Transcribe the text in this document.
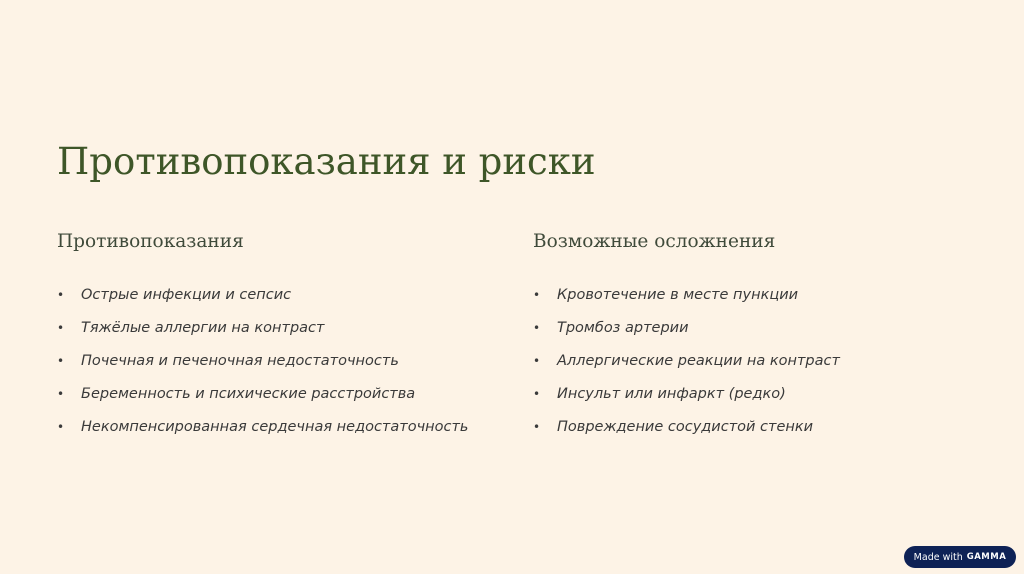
Противопоказания и риски
Противопоказания
• Острые инфекции и сепсис
• Тяжёлые аллергии на контраст
• Почечная и печеночная недостаточность
• Беременность и психические расстройства
• Некомпенсированная сердечная недостаточность
Возможные осложнения
• Кровотечение в месте пункции
• Тромбоз артерии
• Аллергические реакции на контраст
• Инсульт или инфаркт (редко)
• Повреждение сосудистой стенки
Made with GAMMA
